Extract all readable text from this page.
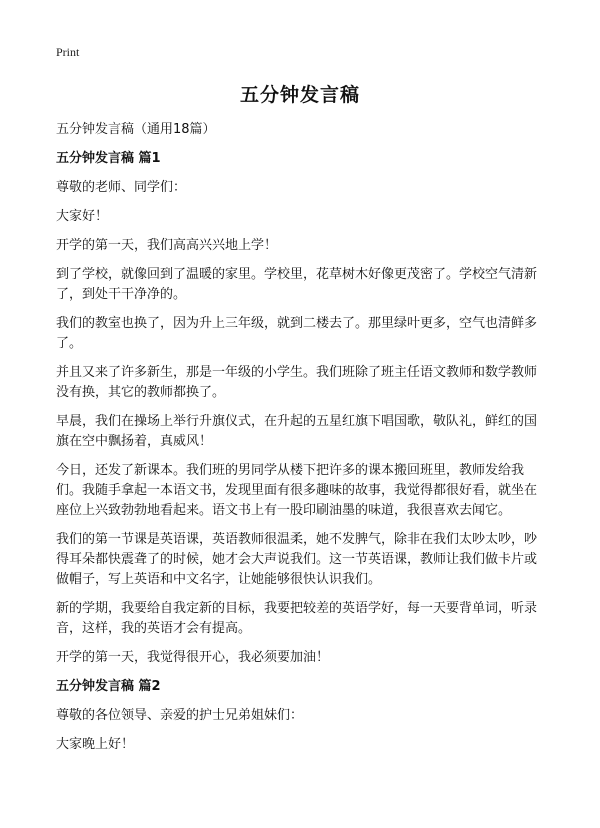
Print
五分钟发言稿

五分钟发言稿（通用18篇）

五分钟发言稿 篇1

尊敬的老师、同学们：

大家好！

开学的第一天，我们高高兴兴地上学！

到了学校，就像回到了温暖的家里。学校里，花草树木好像更茂密了。学校空气清新了，到处干干净净的。

我们的教室也换了，因为升上三年级，就到二楼去了。那里绿叶更多，空气也清鲜多了。

并且又来了许多新生，那是一年级的小学生。我们班除了班主任语文教师和数学教师没有换，其它的教师都换了。

早晨，我们在操场上举行升旗仪式，在升起的五星红旗下唱国歌，敬队礼，鲜红的国旗在空中飘扬着，真威风！

今日，还发了新课本。我们班的男同学从楼下把许多的课本搬回班里，教师发给我们。我随手拿起一本语文书，发现里面有很多趣味的故事，我觉得都很好看，就坐在座位上兴致勃勃地看起来。语文书上有一股印刷油墨的味道，我很喜欢去闻它。

我们的第一节课是英语课，英语教师很温柔，她不发脾气，除非在我们太吵太吵，吵得耳朵都快震聋了的时候，她才会大声说我们。这一节英语课，教师让我们做卡片或做帽子，写上英语和中文名字，让她能够很快认识我们。

新的学期，我要给自我定新的目标，我要把较差的英语学好，每一天要背单词，听录音，这样，我的英语才会有提高。

开学的第一天，我觉得很开心，我必须要加油！

五分钟发言稿 篇2

尊敬的各位领导、亲爱的护士兄弟姐妹们：

大家晚上好！
